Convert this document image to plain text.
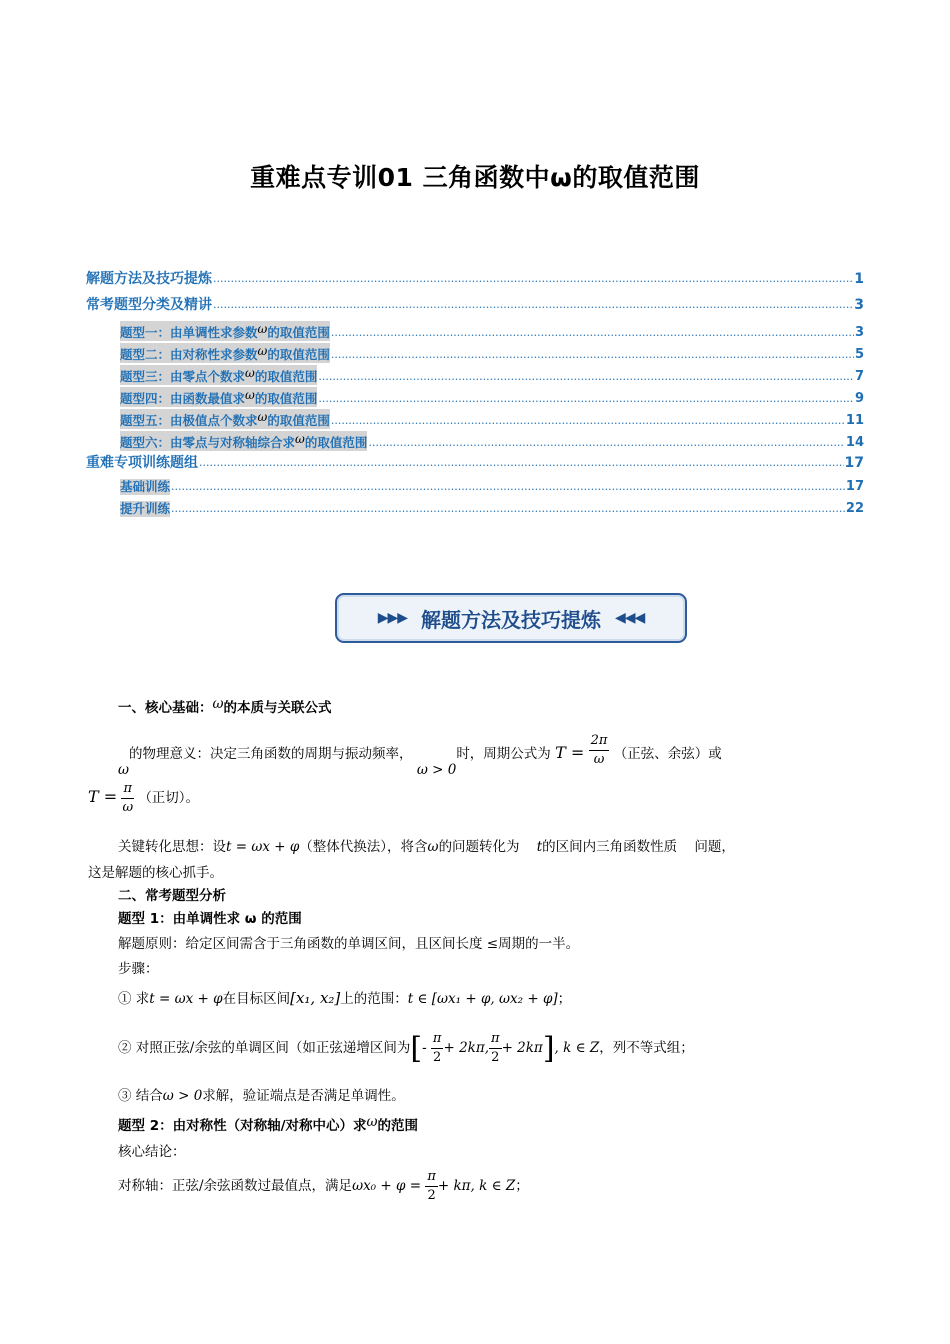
重难点专训01 三角函数中ω的取值范围
解题方法及技巧提炼 .....	1
常考题型分类及精讲 .....	3
题型一：由单调性求参数ω的取值范围 .....	3
题型二：由对称性求参数ω的取值范围 .....	5
题型三：由零点个数求ω的取值范围 .....	7
题型四：由函数最值求ω的取值范围 .....	9
题型五：由极值点个数求ω的取值范围 .....	11
题型六：由零点与对称轴综合求ω的取值范围 .....	14
重难专项训练题组 .....	17
基础训练 .....	17
提升训练 .....	22
▶▶▶ 解题方法及技巧提炼 ◀◀◀
一、核心基础：ω的本质与关联公式
ω的物理意义：决定三角函数的周期与振动频率， ω > 0时，周期公式为 $T = \frac{2\pi}{\omega}$ （正弦、余弦）或
$T = \frac{\pi}{\omega}$ （正切）。
关键转化思想：设t = ωx + φ（整体代换法），将含ω的问题转化为 t的区间内三角函数性质 问题，
这是解题的核心抓手。
二、常考题型分析
题型 1：由单调性求 ω 的范围
解题原则：给定区间需含于三角函数的单调区间，且区间长度 ≤周期的一半。
步骤：
① 求t = ωx + φ在目标区间[x₁, x₂]上的范围：t ∈ [ωx₁ + φ, ωx₂ + φ]；
② 对照正弦/余弦的单调区间（如正弦递增区间为[- $\frac{\pi}{2} + 2k\pi$, $\frac{\pi}{2} + 2k\pi$], k ∈ Z，列不等式组；
③ 结合ω > 0求解，验证端点是否满足单调性。
题型 2：由对称性（对称轴/对称中心）求ω的范围
核心结论：
对称轴：正弦/余弦函数过最值点，满足$\omega x_0 + \varphi = \frac{\pi}{2} + k\pi$, k ∈ Z；
